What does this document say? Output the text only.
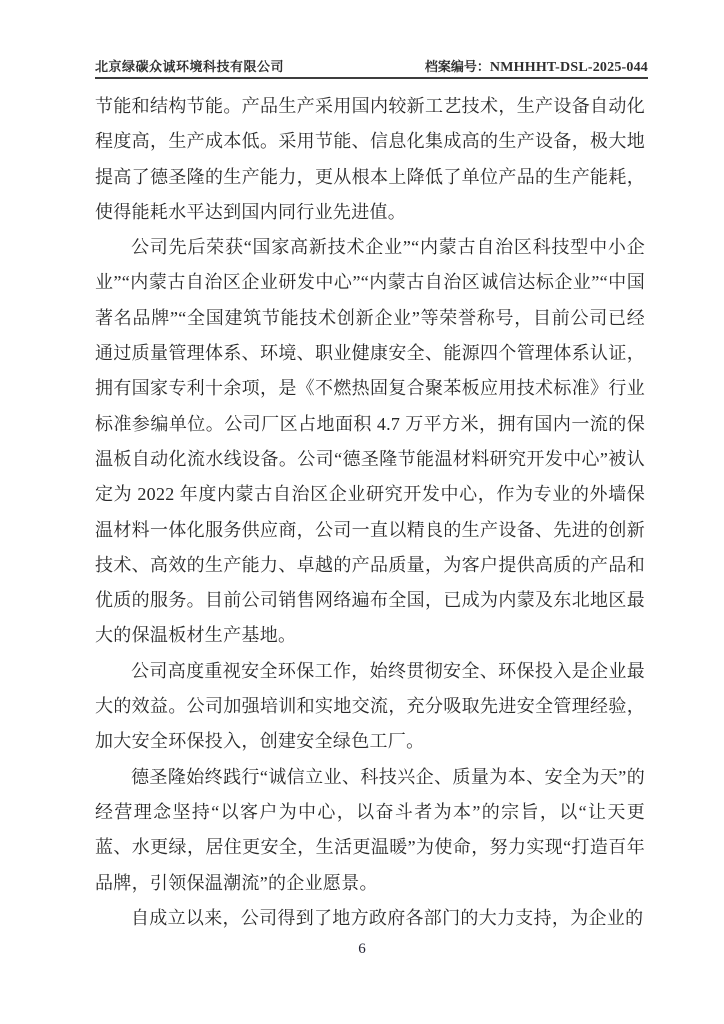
北京绿碳众诚环境科技有限公司	档案编号：NMHHHT-DSL-2025-044

节能和结构节能。产品生产采用国内较新工艺技术，生产设备自动化程度高，生产成本低。采用节能、信息化集成高的生产设备，极大地提高了德圣隆的生产能力，更从根本上降低了单位产品的生产能耗，使得能耗水平达到国内同行业先进值。

公司先后荣获“国家高新技术企业”“内蒙古自治区科技型中小企业”“内蒙古自治区企业研发中心”“内蒙古自治区诚信达标企业”“中国著名品牌”“全国建筑节能技术创新企业”等荣誉称号，目前公司已经通过质量管理体系、环境、职业健康安全、能源四个管理体系认证，拥有国家专利十余项，是《不燃热固复合聚苯板应用技术标准》行业标准参编单位。公司厂区占地面积 4.7 万平方米，拥有国内一流的保温板自动化流水线设备。公司“德圣隆节能温材料研究开发中心”被认定为 2022 年度内蒙古自治区企业研究开发中心，作为专业的外墙保温材料一体化服务供应商，公司一直以精良的生产设备、先进的创新技术、高效的生产能力、卓越的产品质量，为客户提供高质的产品和优质的服务。目前公司销售网络遍布全国，已成为内蒙及东北地区最大的保温板材生产基地。

公司高度重视安全环保工作，始终贯彻安全、环保投入是企业最大的效益。公司加强培训和实地交流，充分吸取先进安全管理经验，加大安全环保投入，创建安全绿色工厂。

德圣隆始终践行“诚信立业、科技兴企、质量为本、安全为天”的经营理念坚持“以客户为中心，以奋斗者为本”的宗旨，以“让天更蓝、水更绿，居住更安全，生活更温暖”为使命，努力实现“打造百年品牌，引领保温潮流”的企业愿景。

自成立以来，公司得到了地方政府各部门的大力支持，为企业的

6
